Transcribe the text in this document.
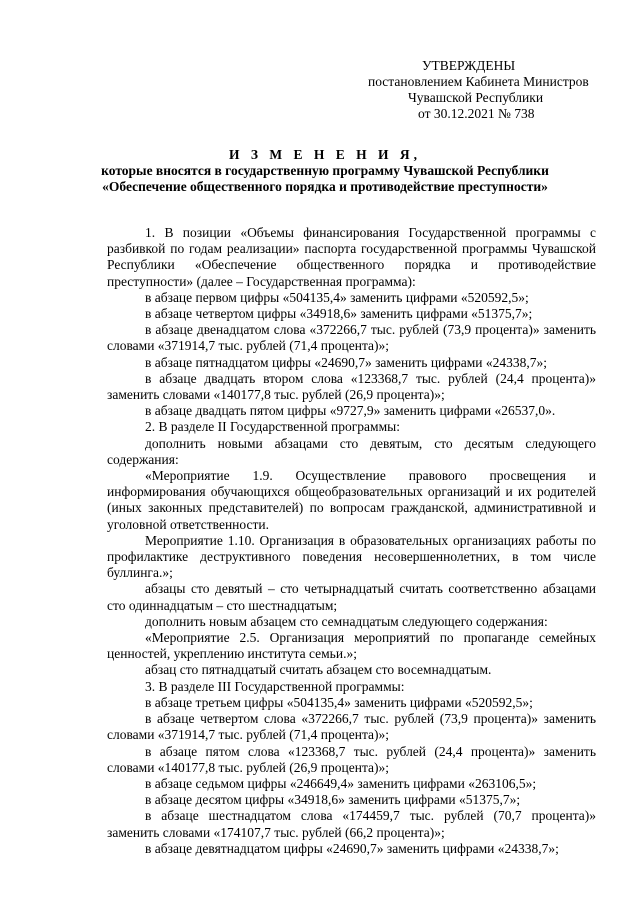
УТВЕРЖДЕНЫ
постановлением Кабинета Министров
Чувашской Республики
от 30.12.2021 № 738
И З М Е Н Е Н И Я,
которые вносятся в государственную программу Чувашской Республики
«Обеспечение общественного порядка и противодействие преступности»

1. В позиции «Объемы финансирования Государственной программы с разбивкой по годам реализации» паспорта государственной программы Чувашской Республики «Обеспечение общественного порядка и противодействие преступности» (далее – Государственная программа):

в абзаце первом цифры «504135,4» заменить цифрами «520592,5»;

в абзаце четвертом цифры «34918,6» заменить цифрами «51375,7»;

в абзаце двенадцатом слова «372266,7 тыс. рублей (73,9 процента)» заменить словами «371914,7 тыс. рублей (71,4 процента)»;

в абзаце пятнадцатом цифры «24690,7» заменить цифрами «24338,7»;

в абзаце двадцать втором слова «123368,7 тыс. рублей (24,4 процента)» заменить словами «140177,8 тыс. рублей (26,9 процента)»;

в абзаце двадцать пятом цифры «9727,9» заменить цифрами «26537,0».

2. В разделе II Государственной программы:

дополнить новыми абзацами сто девятым, сто десятым следующего содержания:

«Мероприятие 1.9. Осуществление правового просвещения и информирования обучающихся общеобразовательных организаций и их родителей (иных законных представителей) по вопросам гражданской, административной и уголовной ответственности.

Мероприятие 1.10. Организация в образовательных организациях работы по профилактике деструктивного поведения несовершеннолетних, в том числе буллинга.»;

абзацы сто девятый – сто четырнадцатый считать соответственно абзацами сто одиннадцатым – сто шестнадцатым;

дополнить новым абзацем сто семнадцатым следующего содержания:

«Мероприятие 2.5. Организация мероприятий по пропаганде семейных ценностей, укреплению института семьи.»;

абзац сто пятнадцатый считать абзацем сто восемнадцатым.

3. В разделе III Государственной программы:

в абзаце третьем цифры «504135,4» заменить цифрами «520592,5»;

в абзаце четвертом слова «372266,7 тыс. рублей (73,9 процента)» заменить словами «371914,7 тыс. рублей (71,4 процента)»;

в абзаце пятом слова «123368,7 тыс. рублей (24,4 процента)» заменить словами «140177,8 тыс. рублей (26,9 процента)»;

в абзаце седьмом цифры «246649,4» заменить цифрами «263106,5»;

в абзаце десятом цифры «34918,6» заменить цифрами «51375,7»;

в абзаце шестнадцатом слова «174459,7 тыс. рублей (70,7 процента)» заменить словами «174107,7 тыс. рублей (66,2 процента)»;

в абзаце девятнадцатом цифры «24690,7» заменить цифрами «24338,7»;
